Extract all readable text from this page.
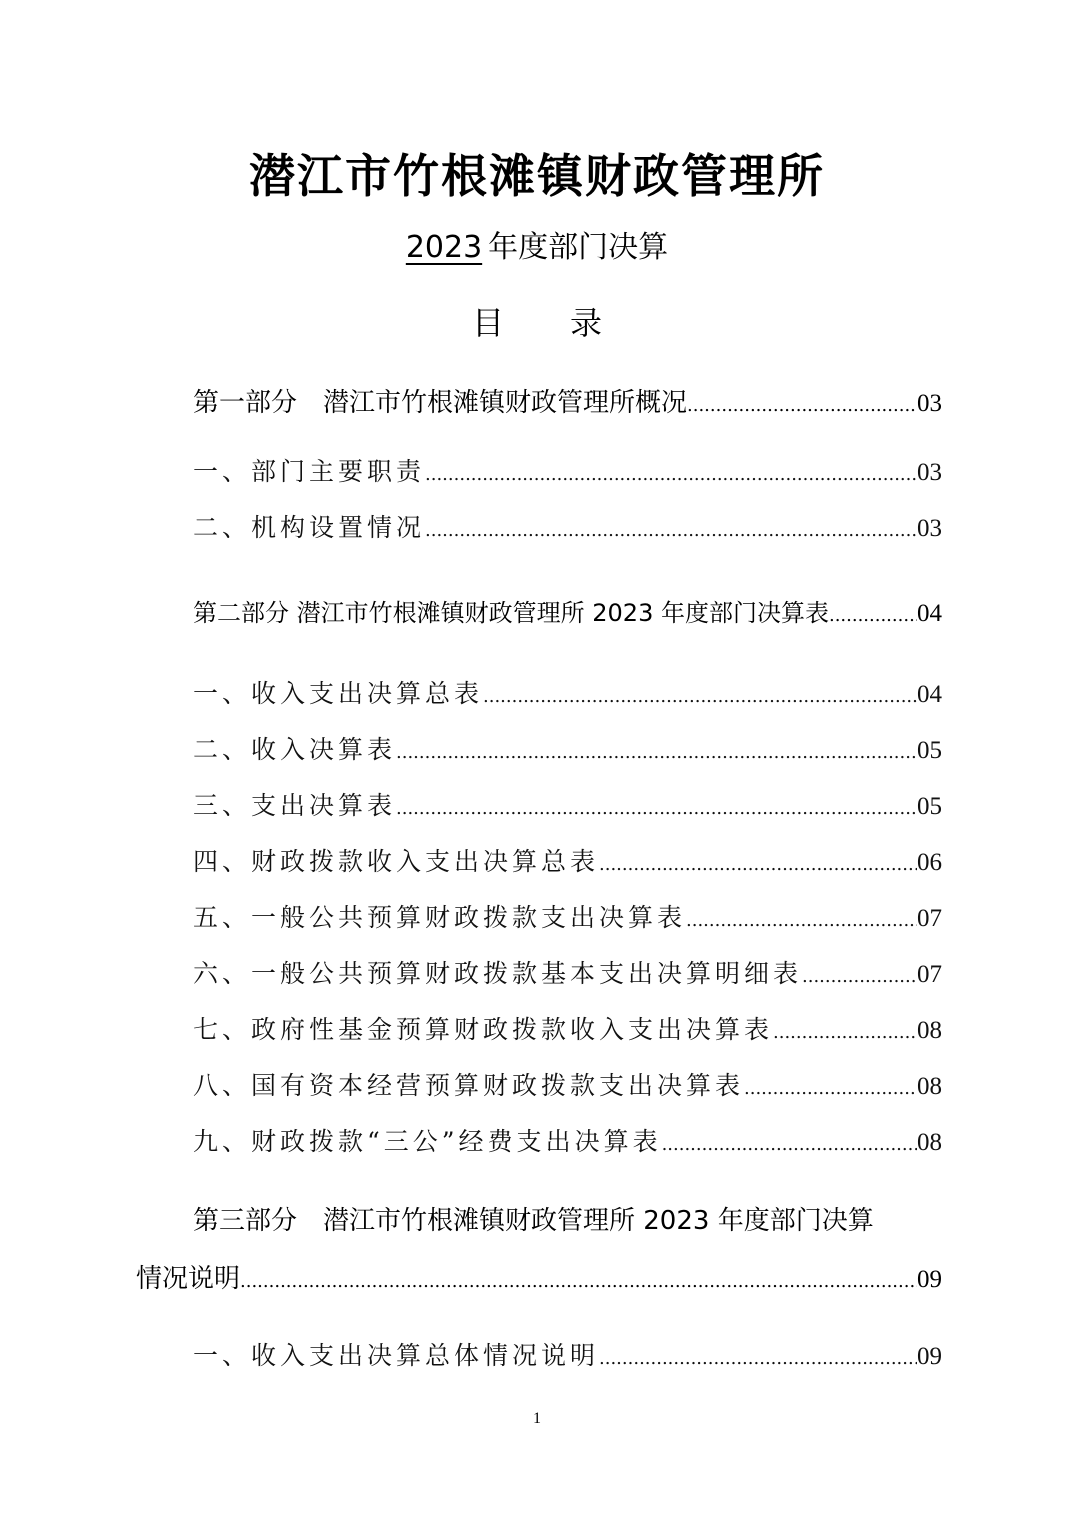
潜江市竹根滩镇财政管理所
2023 年度部门决算
目 录
第一部分　潜江市竹根滩镇财政管理所概况 .....	03
一、部门主要职责 .....	03
二、机构设置情况 .....	03
第二部分 潜江市竹根滩镇财政管理所 2023 年度部门决算表 .....	04
一、收入支出决算总表 .....	04
二、收入决算表 .....	05
三、支出决算表 .....	05
四、财政拨款收入支出决算总表 .....	06
五、一般公共预算财政拨款支出决算表 .....	07
六、一般公共预算财政拨款基本支出决算明细表 .....	07
七、政府性基金预算财政拨款收入支出决算表 .....	08
八、国有资本经营预算财政拨款支出决算表 .....	08
九、财政拨款“三公”经费支出决算表 .....	08
第三部分　潜江市竹根滩镇财政管理所 2023 年度部门决算
情况说明 .....	09
一、收入支出决算总体情况说明 .....	09
1
